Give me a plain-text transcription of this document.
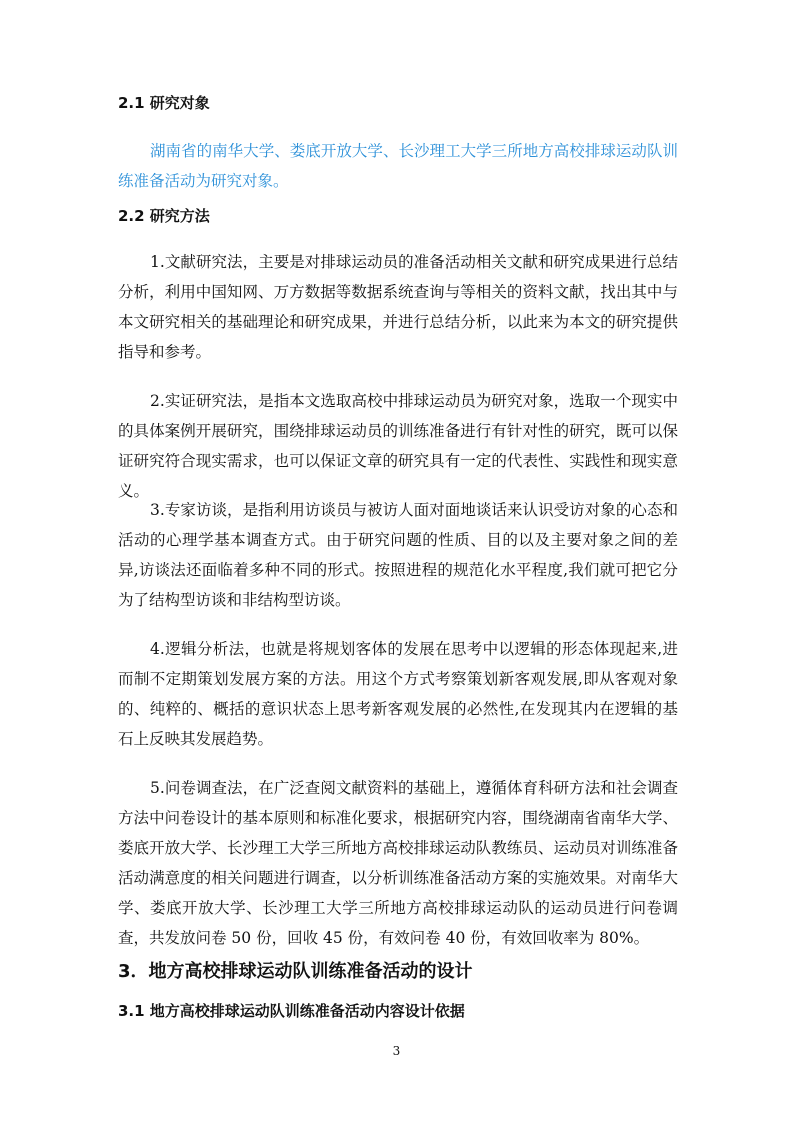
2.1 研究对象

湖南省的南华大学、娄底开放大学、长沙理工大学三所地方高校排球运动队训练准备活动为研究对象。

2.2 研究方法

1.文献研究法，主要是对排球运动员的准备活动相关文献和研究成果进行总结分析，利用中国知网、万方数据等数据系统查询与等相关的资料文献，找出其中与本文研究相关的基础理论和研究成果，并进行总结分析，以此来为本文的研究提供指导和参考。

2.实证研究法，是指本文选取高校中排球运动员为研究对象，选取一个现实中的具体案例开展研究，围绕排球运动员的训练准备进行有针对性的研究，既可以保证研究符合现实需求，也可以保证文章的研究具有一定的代表性、实践性和现实意义。

3.专家访谈，是指利用访谈员与被访人面对面地谈话来认识受访对象的心态和活动的心理学基本调查方式。由于研究问题的性质、目的以及主要对象之间的差异,访谈法还面临着多种不同的形式。按照进程的规范化水平程度,我们就可把它分为了结构型访谈和非结构型访谈。

4.逻辑分析法，也就是将规划客体的发展在思考中以逻辑的形态体现起来,进而制不定期策划发展方案的方法。用这个方式考察策划新客观发展,即从客观对象的、纯粹的、概括的意识状态上思考新客观发展的必然性,在发现其内在逻辑的基石上反映其发展趋势。

5.问卷调查法，在广泛查阅文献资料的基础上，遵循体育科研方法和社会调查方法中问卷设计的基本原则和标准化要求，根据研究内容，围绕湖南省南华大学、娄底开放大学、长沙理工大学三所地方高校排球运动队教练员、运动员对训练准备活动满意度的相关问题进行调查，以分析训练准备活动方案的实施效果。对南华大学、娄底开放大学、长沙理工大学三所地方高校排球运动队的运动员进行问卷调查，共发放问卷 50 份，回收 45 份，有效问卷 40 份，有效回收率为 80%。

3．地方高校排球运动队训练准备活动的设计
3.1 地方高校排球运动队训练准备活动内容设计依据
3
